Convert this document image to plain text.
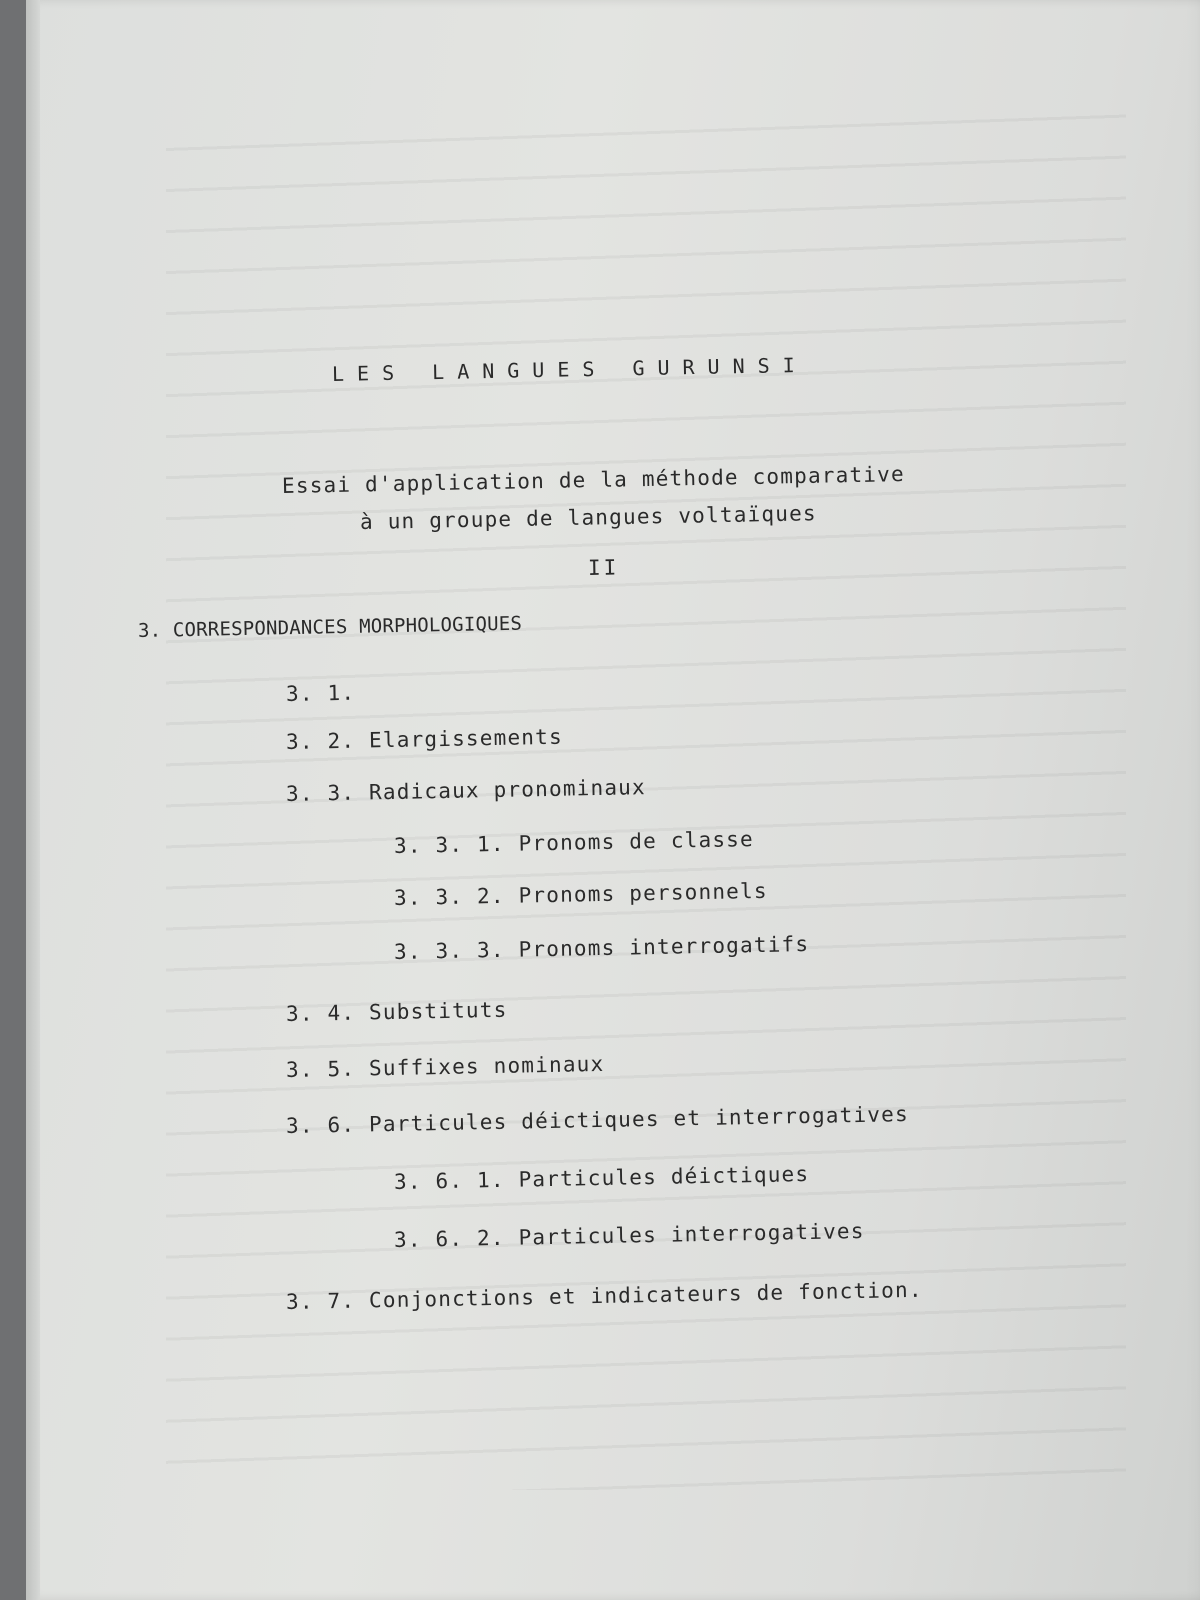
LES LANGUES GURUNSI
Essai d'application de la méthode comparative
à un groupe de langues voltaïques
II
3. CORRESPONDANCES MORPHOLOGIQUES
3. 1.
3. 2. Elargissements
3. 3. Radicaux pronominaux
3. 3. 1. Pronoms de classe
3. 3. 2. Pronoms personnels
3. 3. 3. Pronoms interrogatifs
3. 4. Substituts
3. 5. Suffixes nominaux
3. 6. Particules déictiques et interrogatives
3. 6. 1. Particules déictiques
3. 6. 2. Particules interrogatives
3. 7. Conjonctions et indicateurs de fonction.
